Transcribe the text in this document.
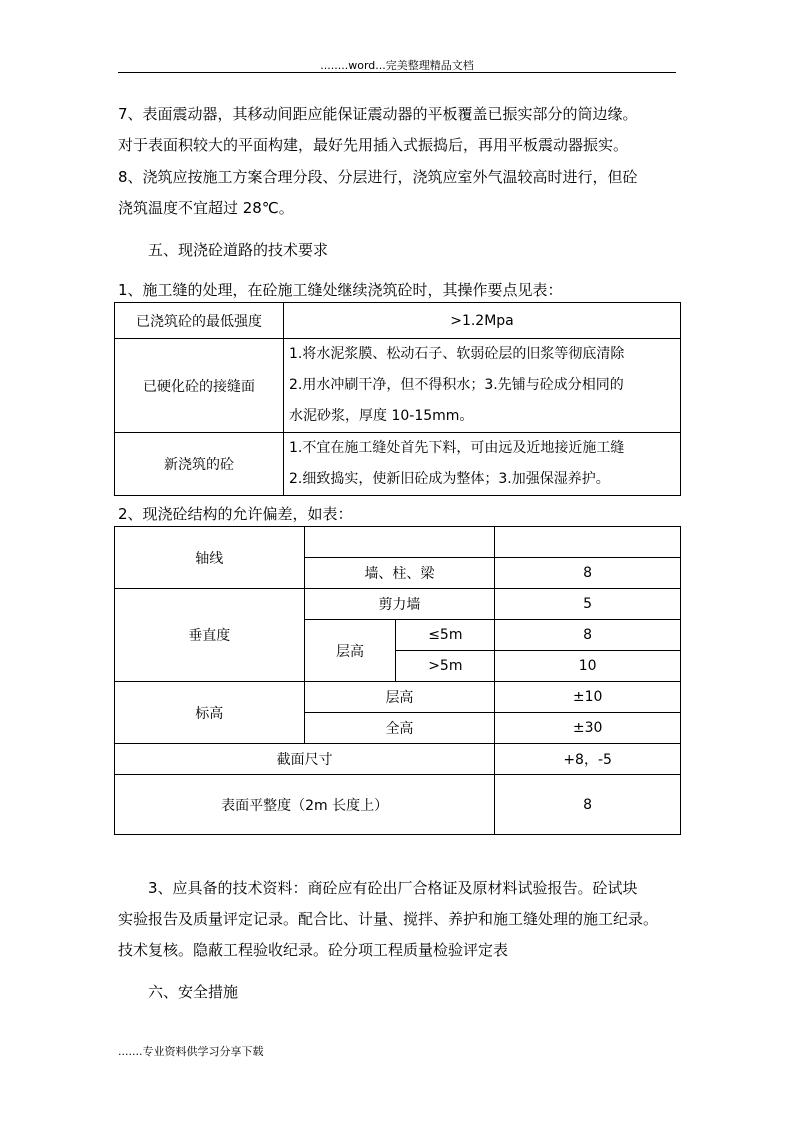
........word...完美整理精品文档
7、表面震动器，其移动间距应能保证震动器的平板覆盖已振实部分的筒边缘。
对于表面积较大的平面构建，最好先用插入式振捣后，再用平板震动器振实。
8、浇筑应按施工方案合理分段、分层进行，浇筑应室外气温较高时进行，但砼
浇筑温度不宜超过 28℃。
五、现浇砼道路的技术要求
1、施工缝的处理，在砼施工缝处继续浇筑砼时，其操作要点见表：
已浇筑砼的最低强度	>1.2Mpa
已硬化砼的接缝面	1.将水泥浆膜、松动石子、软弱砼层的旧浆等彻底清除
2.用水冲刷干净，但不得积水；3.先铺与砼成分相同的
水泥砂浆，厚度 10-15mm。

新浇筑的砼	1.不宜在施工缝处首先下料，可由远及近地接近施工缝
2.细致捣实，使新旧砼成为整体；3.加强保湿养护。
2、现浇砼结构的允许偏差，如表：
轴线			
	墙、柱、梁		8
垂直度	剪力墙		5
	层高	≤5m	8
		>5m	10
标高	层高		±10
	全高		±30
截面尺寸			+8，-5
表面平整度（2m 长度上）			8
3、应具备的技术资料：商砼应有砼出厂合格证及原材料试验报告。砼试块
实验报告及质量评定记录。配合比、计量、搅拌、养护和施工缝处理的施工纪录。
技术复核。隐蔽工程验收纪录。砼分项工程质量检验评定表
六、安全措施
.......专业资料供学习分享下载
